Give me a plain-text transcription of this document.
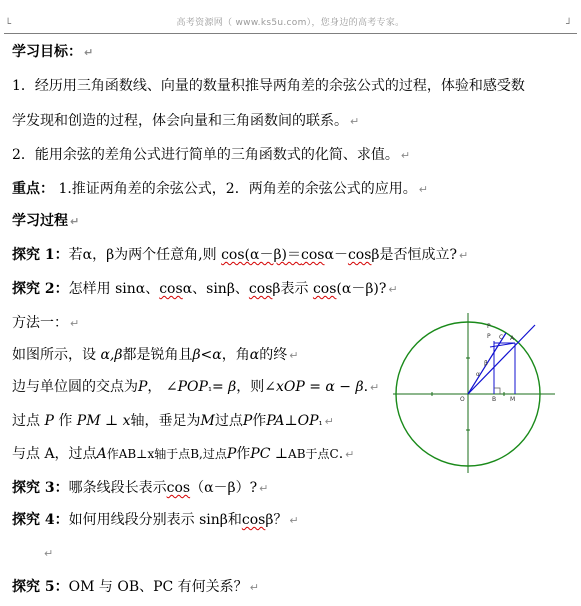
高考资源网（ www.ks5u.com），您身边的高考专家。
└	┘
学习目标： ↵
1．经历用三角函数线、向量的数量积推导两角差的余弦公式的过程，体验和感受数
学发现和创造的过程，体会向量和三角函数间的联系。 ↵
2．能用余弦的差角公式进行简单的三角函数式的化简、求值。 ↵
重点： 1.推证两角差的余弦公式，2．两角差的余弦公式的应用。 ↵
学习过程 ↵
探究 1：若α，β为两个任意角,则 cos(α－β)＝cosα－cosβ是否恒成立? ↵
探究 2：怎样用 sinα、cosα、sinβ、cosβ表示 cos(α－β)? ↵
方法一： ↵
如图所示，设 α,β都是锐角且β<α，角α的终 ↵
边与单位圆的交点为P， ∠POP₁= β，则∠xOP = α − β. ↵
过点 P 作 PM ⊥ x轴，垂足为M过点P作PA⊥OP₁ ↵
与点 A，过点A作AB⊥x轴于点B,过点P作PC ⊥AB于点C. ↵
探究 3：哪条线段长表示cos（α－β）? ↵
探究 4：如何用线段分别表示 sinβ和cosβ？ ↵
↵
探究 5：OM 与 OB、PC 有何关系？ ↵
P
P	A
C
O	B M
α
β
